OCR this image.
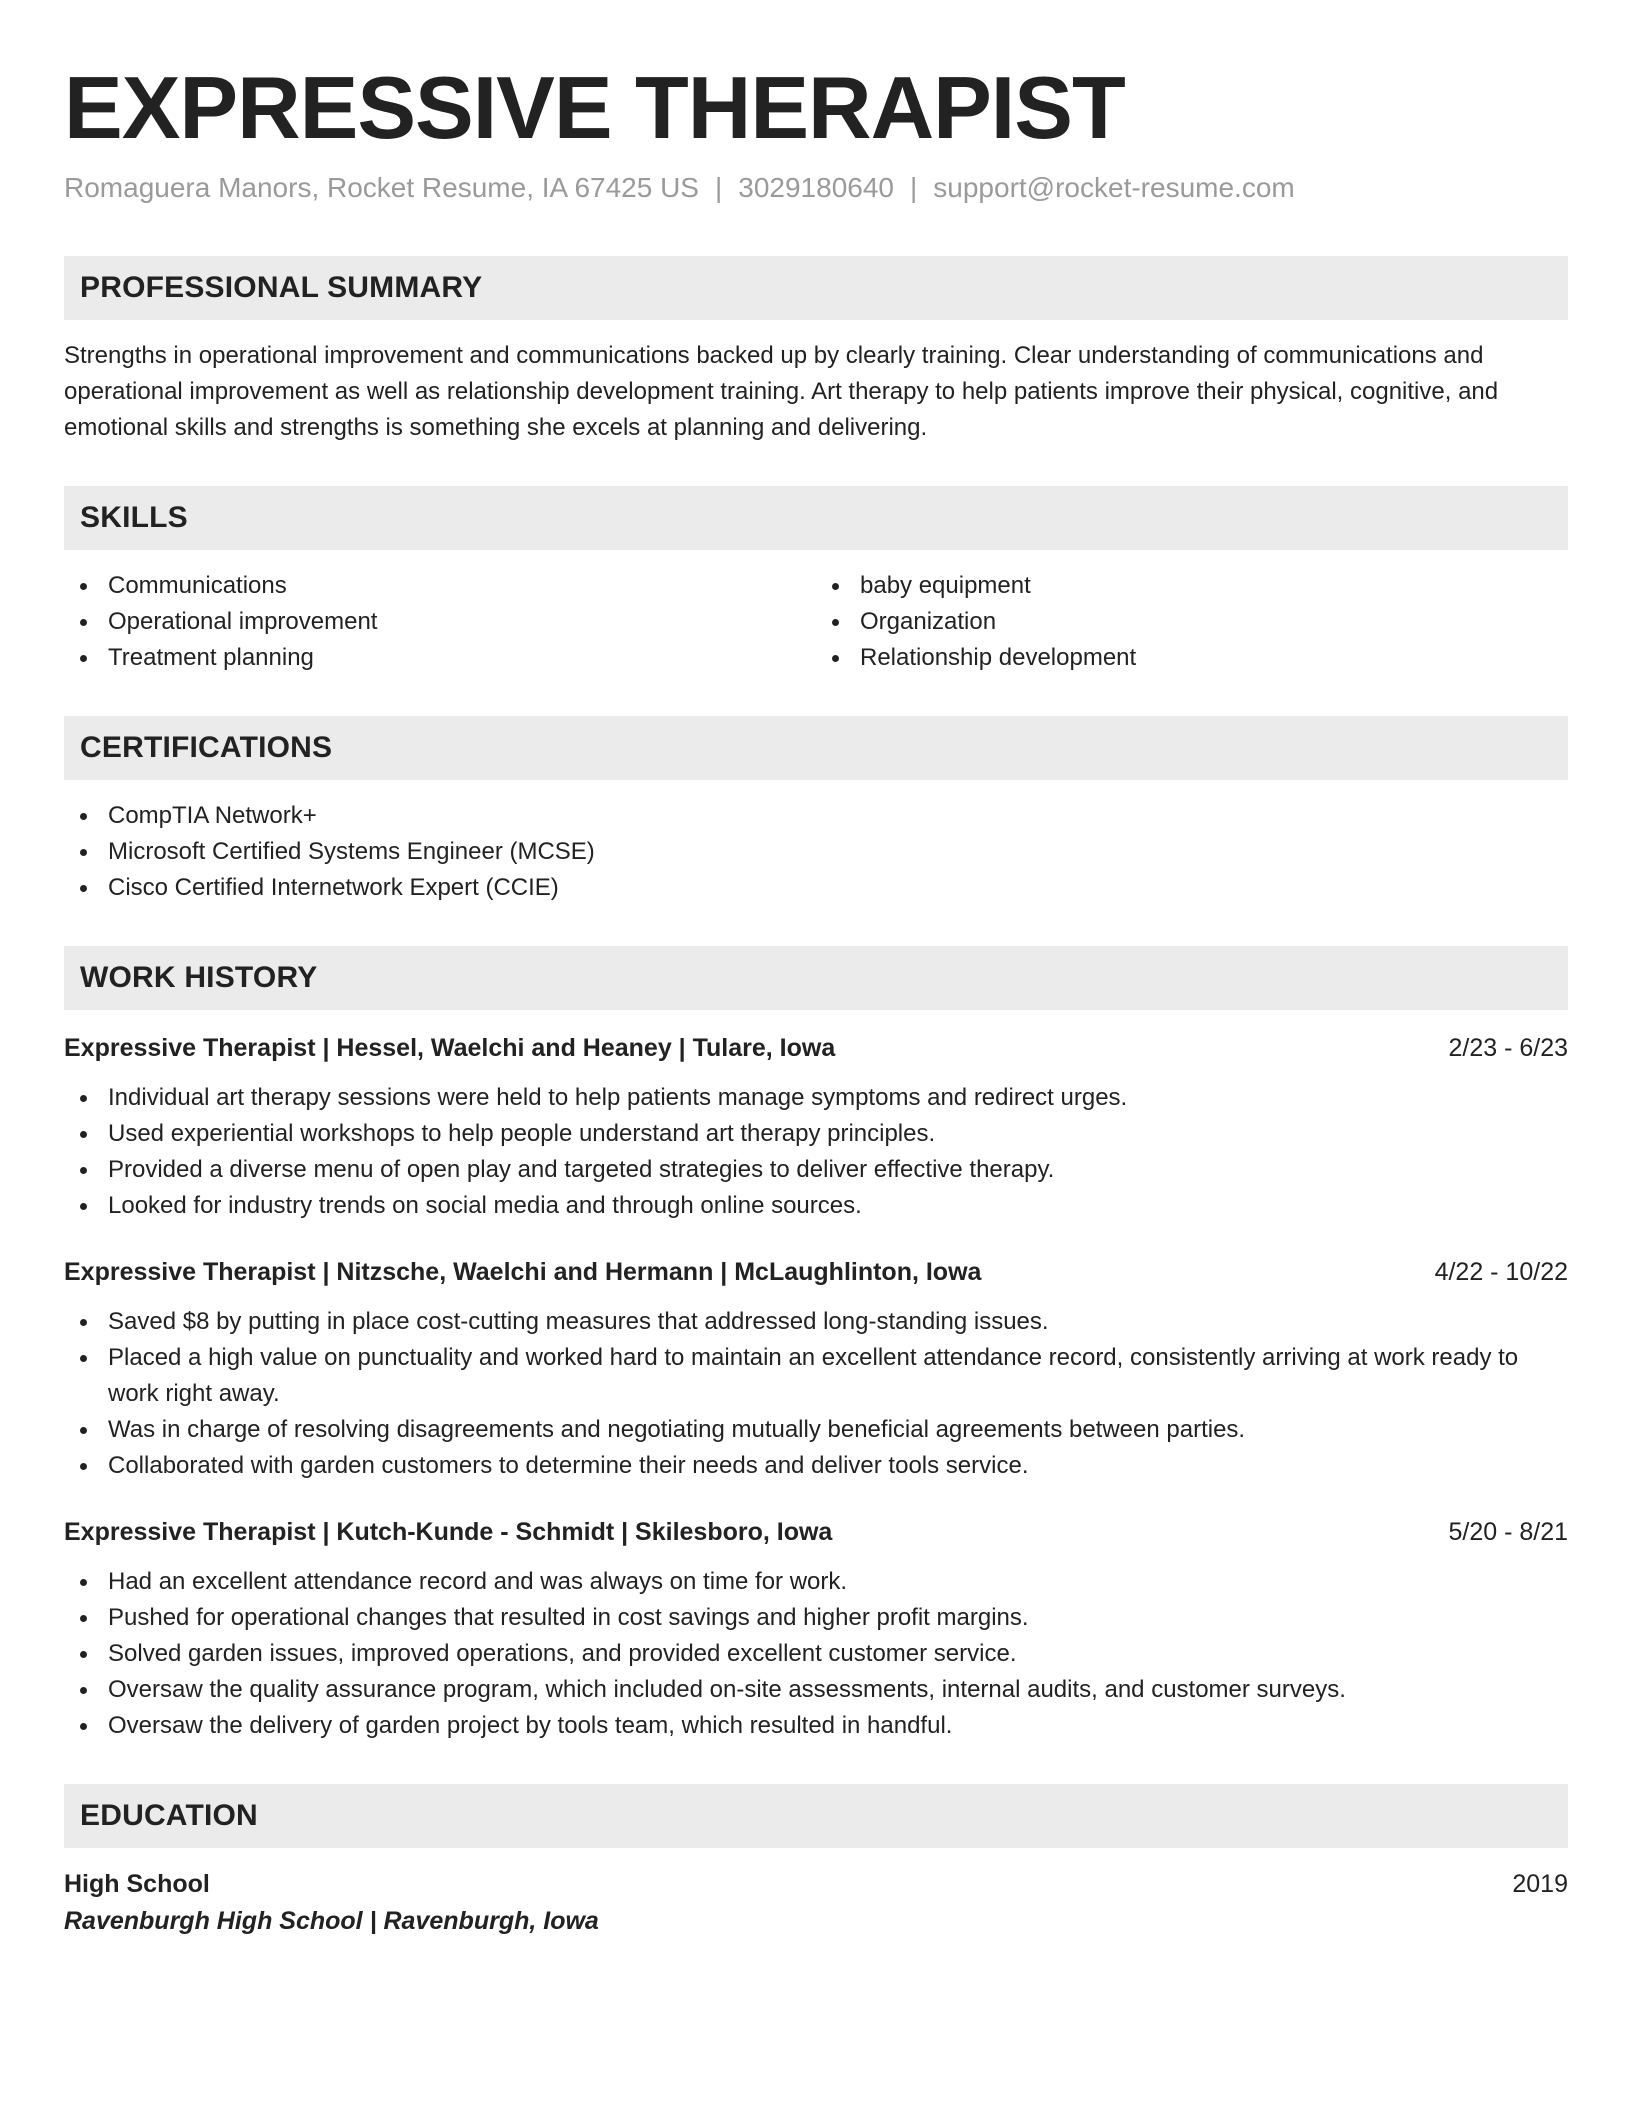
EXPRESSIVE THERAPIST
Romaguera Manors, Rocket Resume, IA 67425 US | 3029180640 | support@rocket-resume.com
PROFESSIONAL SUMMARY
Strengths in operational improvement and communications backed up by clearly training. Clear understanding of communications and operational improvement as well as relationship development training. Art therapy to help patients improve their physical, cognitive, and emotional skills and strengths is something she excels at planning and delivering.
SKILLS
Communications
Operational improvement
Treatment planning
baby equipment
Organization
Relationship development
CERTIFICATIONS
CompTIA Network+
Microsoft Certified Systems Engineer (MCSE)
Cisco Certified Internetwork Expert (CCIE)
WORK HISTORY
Expressive Therapist | Hessel, Waelchi and Heaney | Tulare, Iowa	2/23 - 6/23
Individual art therapy sessions were held to help patients manage symptoms and redirect urges.
Used experiential workshops to help people understand art therapy principles.
Provided a diverse menu of open play and targeted strategies to deliver effective therapy.
Looked for industry trends on social media and through online sources.
Expressive Therapist | Nitzsche, Waelchi and Hermann | McLaughlinton, Iowa	4/22 - 10/22
Saved $8 by putting in place cost-cutting measures that addressed long-standing issues.
Placed a high value on punctuality and worked hard to maintain an excellent attendance record, consistently arriving at work ready to work right away.
Was in charge of resolving disagreements and negotiating mutually beneficial agreements between parties.
Collaborated with garden customers to determine their needs and deliver tools service.
Expressive Therapist | Kutch-Kunde - Schmidt | Skilesboro, Iowa	5/20 - 8/21
Had an excellent attendance record and was always on time for work.
Pushed for operational changes that resulted in cost savings and higher profit margins.
Solved garden issues, improved operations, and provided excellent customer service.
Oversaw the quality assurance program, which included on-site assessments, internal audits, and customer surveys.
Oversaw the delivery of garden project by tools team, which resulted in handful.
EDUCATION
High School	2019
Ravenburgh High School | Ravenburgh, Iowa
